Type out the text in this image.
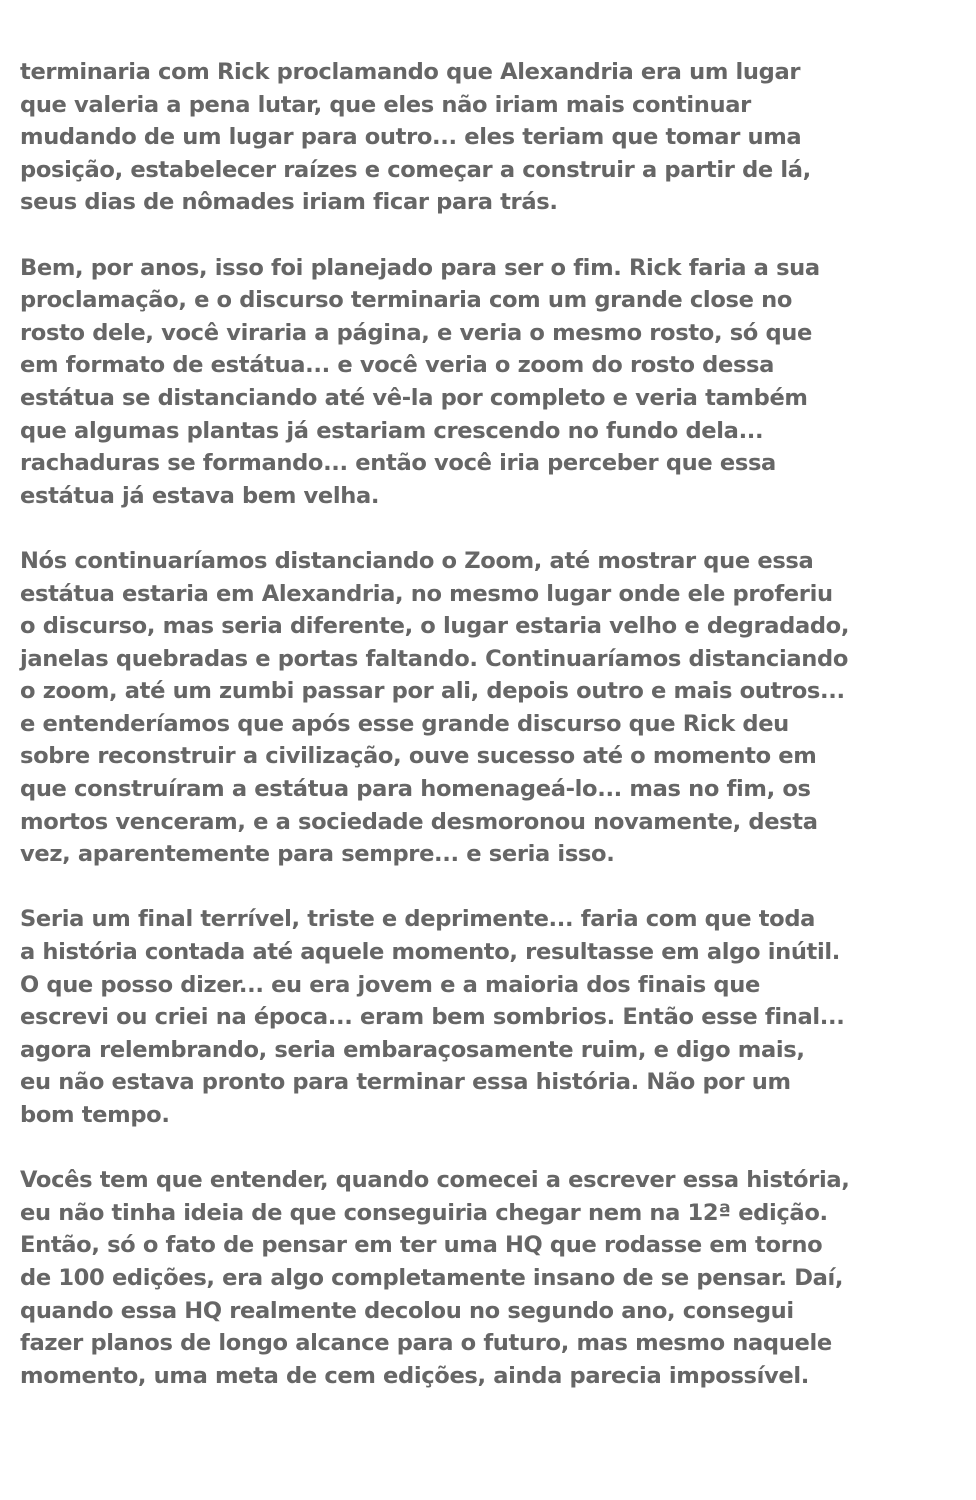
terminaria com Rick proclamando que Alexandria era um lugar
que valeria a pena lutar, que eles não iriam mais continuar
mudando de um lugar para outro... eles teriam que tomar uma
posição, estabelecer raízes e começar a construir a partir de lá,
seus dias de nômades iriam ficar para trás.
Bem, por anos, isso foi planejado para ser o fim. Rick faria a sua
proclamação, e o discurso terminaria com um grande close no
rosto dele, você viraria a página, e veria o mesmo rosto, só que
em formato de estátua... e você veria o zoom do rosto dessa
estátua se distanciando até vê-la por completo e veria também
que algumas plantas já estariam crescendo no fundo dela...
rachaduras se formando... então você iria perceber que essa
estátua já estava bem velha.
Nós continuaríamos distanciando o Zoom, até mostrar que essa
estátua estaria em Alexandria, no mesmo lugar onde ele proferiu
o discurso, mas seria diferente, o lugar estaria velho e degradado,
janelas quebradas e portas faltando. Continuaríamos distanciando
o zoom, até um zumbi passar por ali, depois outro e mais outros...
e entenderíamos que após esse grande discurso que Rick deu
sobre reconstruir a civilização, ouve sucesso até o momento em
que construíram a estátua para homenageá-lo... mas no fim, os
mortos venceram, e a sociedade desmoronou novamente, desta
vez, aparentemente para sempre... e seria isso.
Seria um final terrível, triste e deprimente... faria com que toda
a história contada até aquele momento, resultasse em algo inútil.
O que posso dizer... eu era jovem e a maioria dos finais que
escrevi ou criei na época... eram bem sombrios. Então esse final...
agora relembrando, seria embaraçosamente ruim, e digo mais,
eu não estava pronto para terminar essa história. Não por um
bom tempo.
Vocês tem que entender, quando comecei a escrever essa história,
eu não tinha ideia de que conseguiria chegar nem na 12ª edição.
Então, só o fato de pensar em ter uma HQ que rodasse em torno
de 100 edições, era algo completamente insano de se pensar. Daí,
quando essa HQ realmente decolou no segundo ano, consegui
fazer planos de longo alcance para o futuro, mas mesmo naquele
momento, uma meta de cem edições, ainda parecia impossível.
